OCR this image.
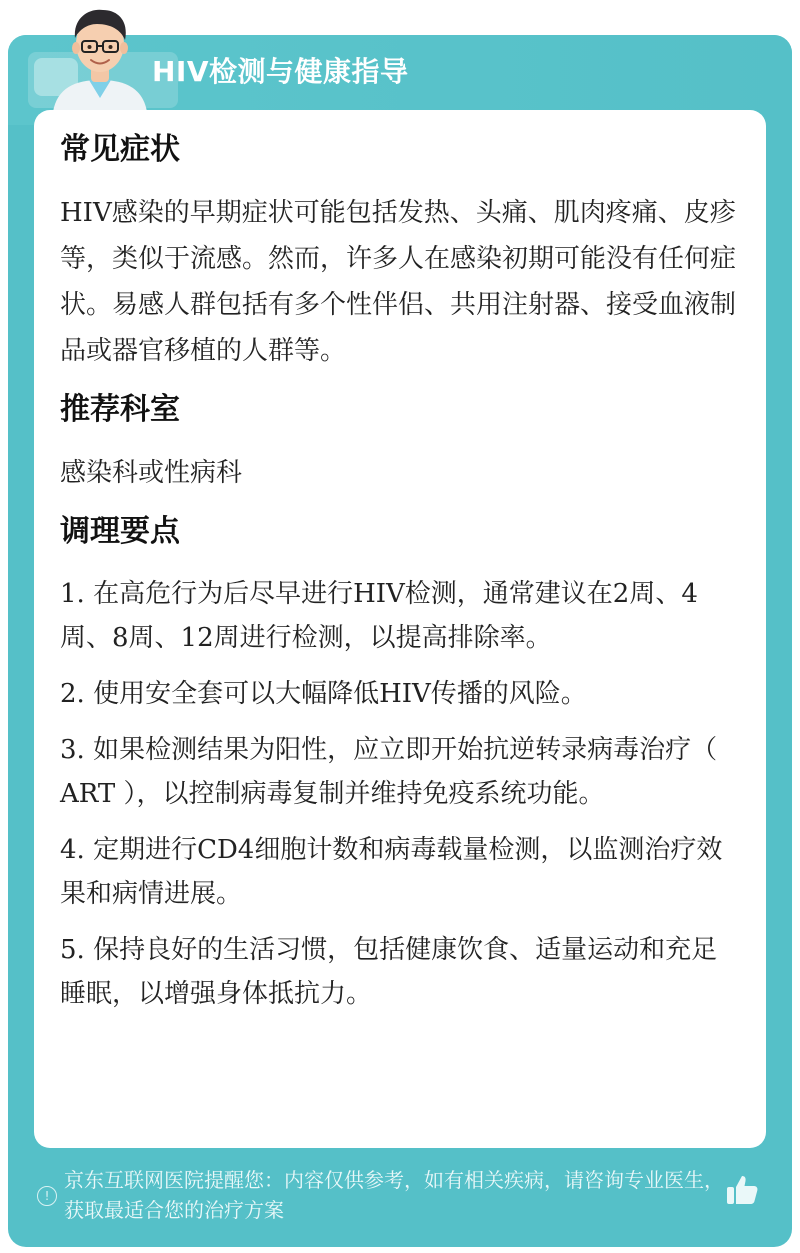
HIV检测与健康指导
常见症状

HIV感染的早期症状可能包括发热、头痛、肌肉疼痛、皮疹等，类似于流感。然而，许多人在感染初期可能没有任何症状。易感人群包括有多个性伴侣、共用注射器、接受血液制品或器官移植的人群等。

推荐科室

感染科或性病科

调理要点

1. 在高危行为后尽早进行HIV检测，通常建议在2周、4周、8周、12周进行检测，以提高排除率。

2. 使用安全套可以大幅降低HIV传播的风险。

3. 如果检测结果为阳性，应立即开始抗逆转录病毒治疗（ ART ），以控制病毒复制并维持免疫系统功能。

4. 定期进行CD4细胞计数和病毒载量检测，以监测治疗效果和病情进展。

5. 保持良好的生活习惯，包括健康饮食、适量运动和充足睡眠，以增强身体抵抗力。

!
京东互联网医院提醒您：内容仅供参考，如有相关疾病，请咨询专业医生，获取最适合您的治疗方案
